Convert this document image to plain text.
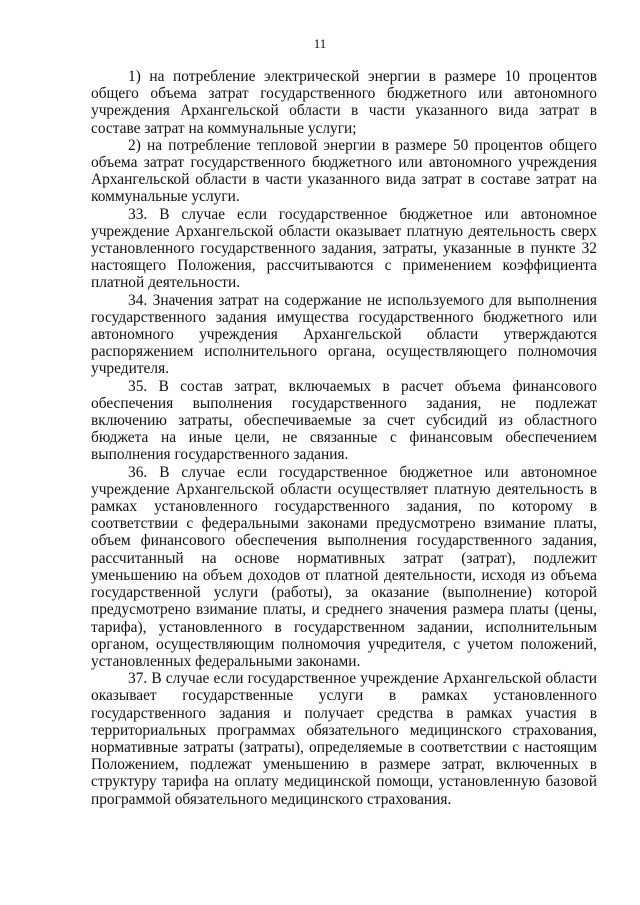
11

1) на потребление электрической энергии в размере 10 процентов общего объема затрат государственного бюджетного или автономного учреждения Архангельской области в части указанного вида затрат в составе затрат на коммунальные услуги;

2) на потребление тепловой энергии в размере 50 процентов общего объема затрат государственного бюджетного или автономного учреждения Архангельской области в части указанного вида затрат в составе затрат на коммунальные услуги.

33. В случае если государственное бюджетное или автономное учреждение Архангельской области оказывает платную деятельность сверх установленного государственного задания, затраты, указанные в пункте 32 настоящего Положения, рассчитываются с применением коэффициента платной деятельности.

34. Значения затрат на содержание не используемого для выполнения государственного задания имущества государственного бюджетного или автономного учреждения Архангельской области утверждаются распоряжением исполнительного органа, осуществляющего полномочия учредителя.

35. В состав затрат, включаемых в расчет объема финансового обеспечения выполнения государственного задания, не подлежат включению затраты, обеспечиваемые за счет субсидий из областного бюджета на иные цели, не связанные с финансовым обеспечением выполнения государственного задания.

36. В случае если государственное бюджетное или автономное учреждение Архангельской области осуществляет платную деятельность в рамках установленного государственного задания, по которому в соответствии с федеральными законами предусмотрено взимание платы, объем финансового обеспечения выполнения государственного задания, рассчитанный на основе нормативных затрат (затрат), подлежит уменьшению на объем доходов от платной деятельности, исходя из объема государственной услуги (работы), за оказание (выполнение) которой предусмотрено взимание платы, и среднего значения размера платы (цены, тарифа), установленного в государственном задании, исполнительным органом, осуществляющим полномочия учредителя, с учетом положений, установленных федеральными законами.

37. В случае если государственное учреждение Архангельской области оказывает государственные услуги в рамках установленного государственного задания и получает средства в рамках участия в территориальных программах обязательного медицинского страхования, нормативные затраты (затраты), определяемые в соответствии с настоящим Положением, подлежат уменьшению в размере затрат, включенных в структуру тарифа на оплату медицинской помощи, установленную базовой программой обязательного медицинского страхования.
